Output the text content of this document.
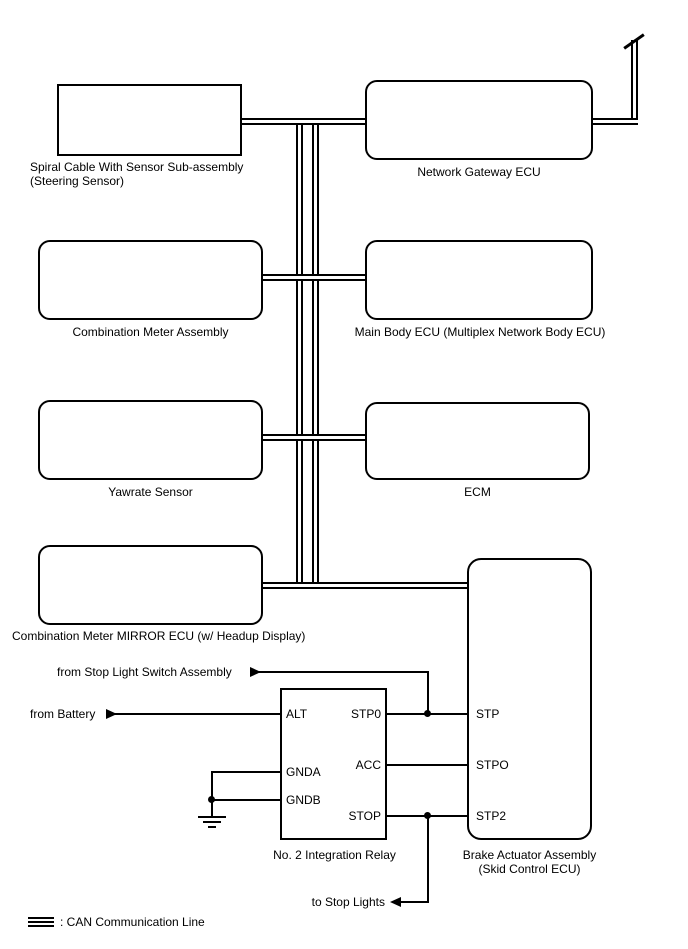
Spiral Cable With Sensor Sub-assembly
(Steering Sensor)
Network Gateway ECU
Combination Meter Assembly	Main Body ECU (Multiplex Network Body ECU)
Yawrate Sensor	ECM
Combination Meter MIRROR ECU (w/ Headup Display)
No. 2 Integration Relay	Brake Actuator Assembly
(Skid Control ECU)
ALT
GNDA
GNDB
STP0
ACC
STOP
STP
STPO
STP2
from Stop Light Switch Assembly
from Battery
to Stop Lights
: CAN Communication Line
